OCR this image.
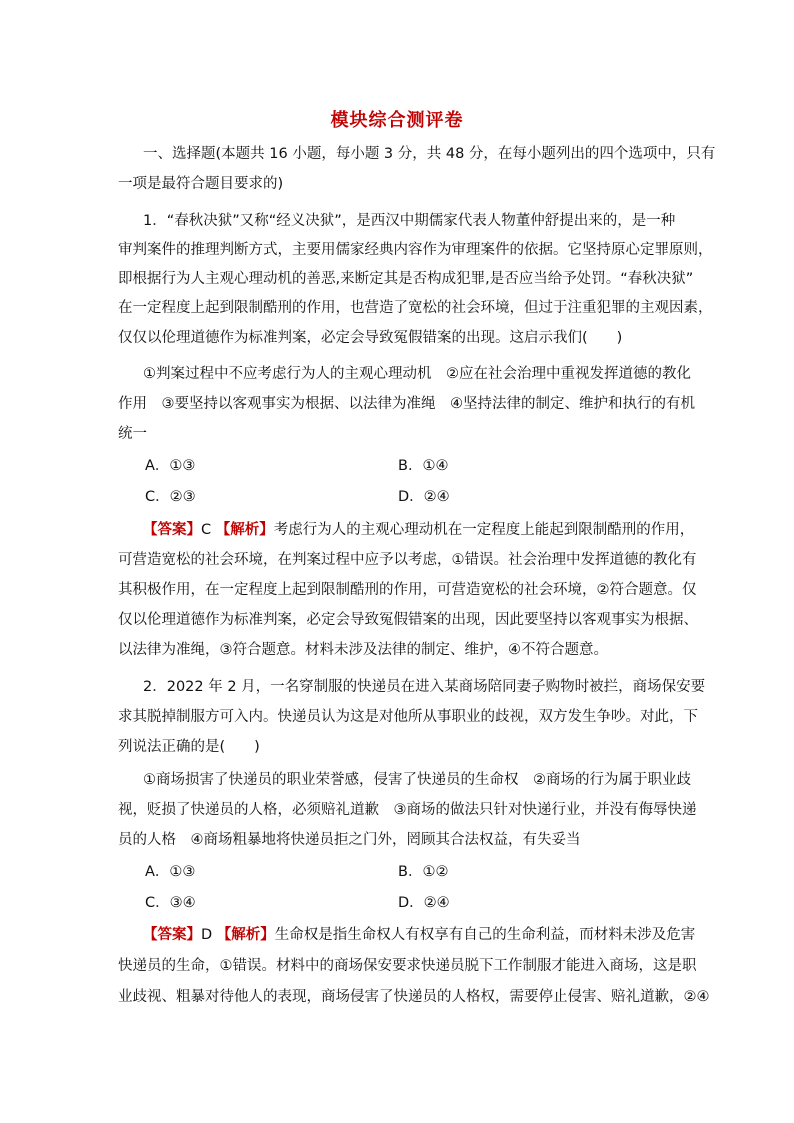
模块综合测评卷
一、选择题(本题共 16 小题，每小题 3 分，共 48 分，在每小题列出的四个选项中，只有
一项是最符合题目要求的)
1．“春秋决狱”又称“经义决狱”，是西汉中期儒家代表人物董仲舒提出来的，是一种
审判案件的推理判断方式，主要用儒家经典内容作为审理案件的依据。它坚持原心定罪原则，
即根据行为人主观心理动机的善恶,来断定其是否构成犯罪,是否应当给予处罚。“春秋决狱”
在一定程度上起到限制酷刑的作用，也营造了宽松的社会环境，但过于注重犯罪的主观因素，
仅仅以伦理道德作为标准判案，必定会导致冤假错案的出现。这启示我们(　　)
①判案过程中不应考虑行为人的主观心理动机　②应在社会治理中重视发挥道德的教化
作用　③要坚持以客观事实为根据、以法律为准绳　④坚持法律的制定、维护和执行的有机
统一
A．①③	B．①④
C．②③	D．②④
【答案】C 【解析】考虑行为人的主观心理动机在一定程度上能起到限制酷刑的作用，
可营造宽松的社会环境，在判案过程中应予以考虑，①错误。社会治理中发挥道德的教化有
其积极作用，在一定程度上起到限制酷刑的作用，可营造宽松的社会环境，②符合题意。仅
仅以伦理道德作为标准判案，必定会导致冤假错案的出现，因此要坚持以客观事实为根据、
以法律为准绳，③符合题意。材料未涉及法律的制定、维护，④不符合题意。
2．2022 年 2 月，一名穿制服的快递员在进入某商场陪同妻子购物时被拦，商场保安要
求其脱掉制服方可入内。快递员认为这是对他所从事职业的歧视，双方发生争吵。对此，下
列说法正确的是(　　)
①商场损害了快递员的职业荣誉感，侵害了快递员的生命权　②商场的行为属于职业歧
视，贬损了快递员的人格，必须赔礼道歉　③商场的做法只针对快递行业，并没有侮辱快递
员的人格　④商场粗暴地将快递员拒之门外，罔顾其合法权益，有失妥当
A．①③	B．①②
C．③④	D．②④
【答案】D 【解析】生命权是指生命权人有权享有自己的生命利益，而材料未涉及危害
快递员的生命，①错误。材料中的商场保安要求快递员脱下工作制服才能进入商场，这是职
业歧视、粗暴对待他人的表现，商场侵害了快递员的人格权，需要停止侵害、赔礼道歉，②④
